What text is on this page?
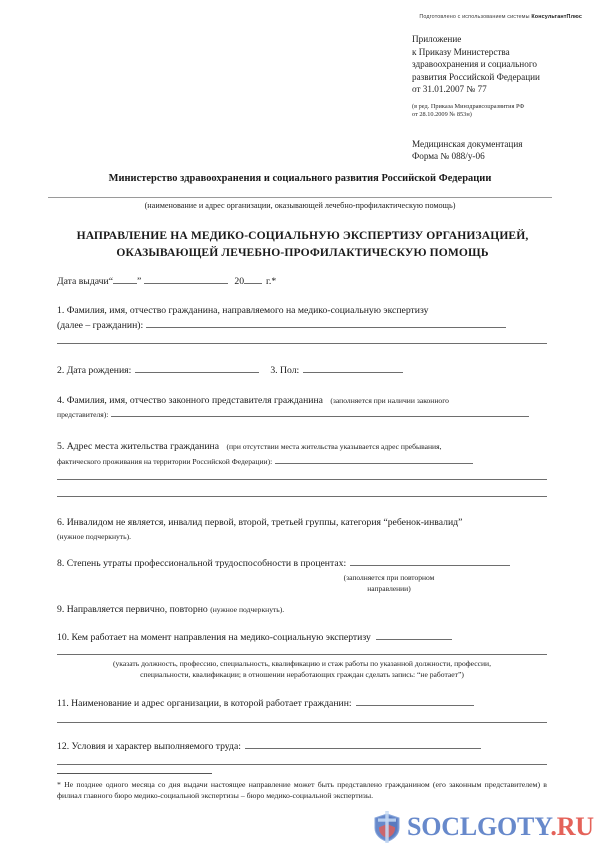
Подготовлено с использованием системы КонсультантПлюс
Приложение
к Приказу Министерства
здравоохранения и социального
развития Российской Федерации
от 31.01.2007 № 77
(в ред. Приказа Минздравсоцразвития РФ
от 28.10.2009 № 853н)
Медицинская документация
Форма № 088/у-06
Министерство здравоохранения и социального развития Российской Федерации
(наименование и адрес организации, оказывающей лечебно-профилактическую помощь)
НАПРАВЛЕНИЕ НА МЕДИКО-СОЦИАЛЬНУЮ ЭКСПЕРТИЗУ ОРГАНИЗАЦИЕЙ,
ОКАЗЫВАЮЩЕЙ ЛЕЧЕБНО-ПРОФИЛАКТИЧЕСКУЮ ПОМОЩЬ
Дата выдачи“ ”	20 г.*
1. Фамилия, имя, отчество гражданина, направляемого на медико-социальную экспертизу
(далее – гражданин):
2. Дата рождения:	3. Пол:
4. Фамилия, имя, отчество законного представителя гражданина (заполняется при наличии законного
представителя):
5. Адрес места жительства гражданина (при отсутствии места жительства указывается адрес пребывания,
фактического проживания на территории Российской Федерации):
6. Инвалидом не является, инвалид первой, второй, третьей группы, категория “ребенок-инвалид”
(нужное подчеркнуть).
8. Степень утраты профессиональной трудоспособности в процентах:
(заполняется при повторном
направлении)
9. Направляется первично, повторно (нужное подчеркнуть).
10. Кем работает на момент направления на медико-социальную экспертизу
(указать должность, профессию, специальность, квалификацию и стаж работы по указанной должности, профессии,
специальности, квалификации; в отношении неработающих граждан сделать запись: “не работает”)
11. Наименование и адрес организации, в которой работает гражданин:
12. Условия и характер выполняемого труда:
* Не позднее одного месяца со дня выдачи настоящее направление может быть представлено гражданином (его законным представителем) в филиал главного бюро медико-социальной экспертизы – бюро медико-социальной экспертизы.
SOCLGOTY.RU
